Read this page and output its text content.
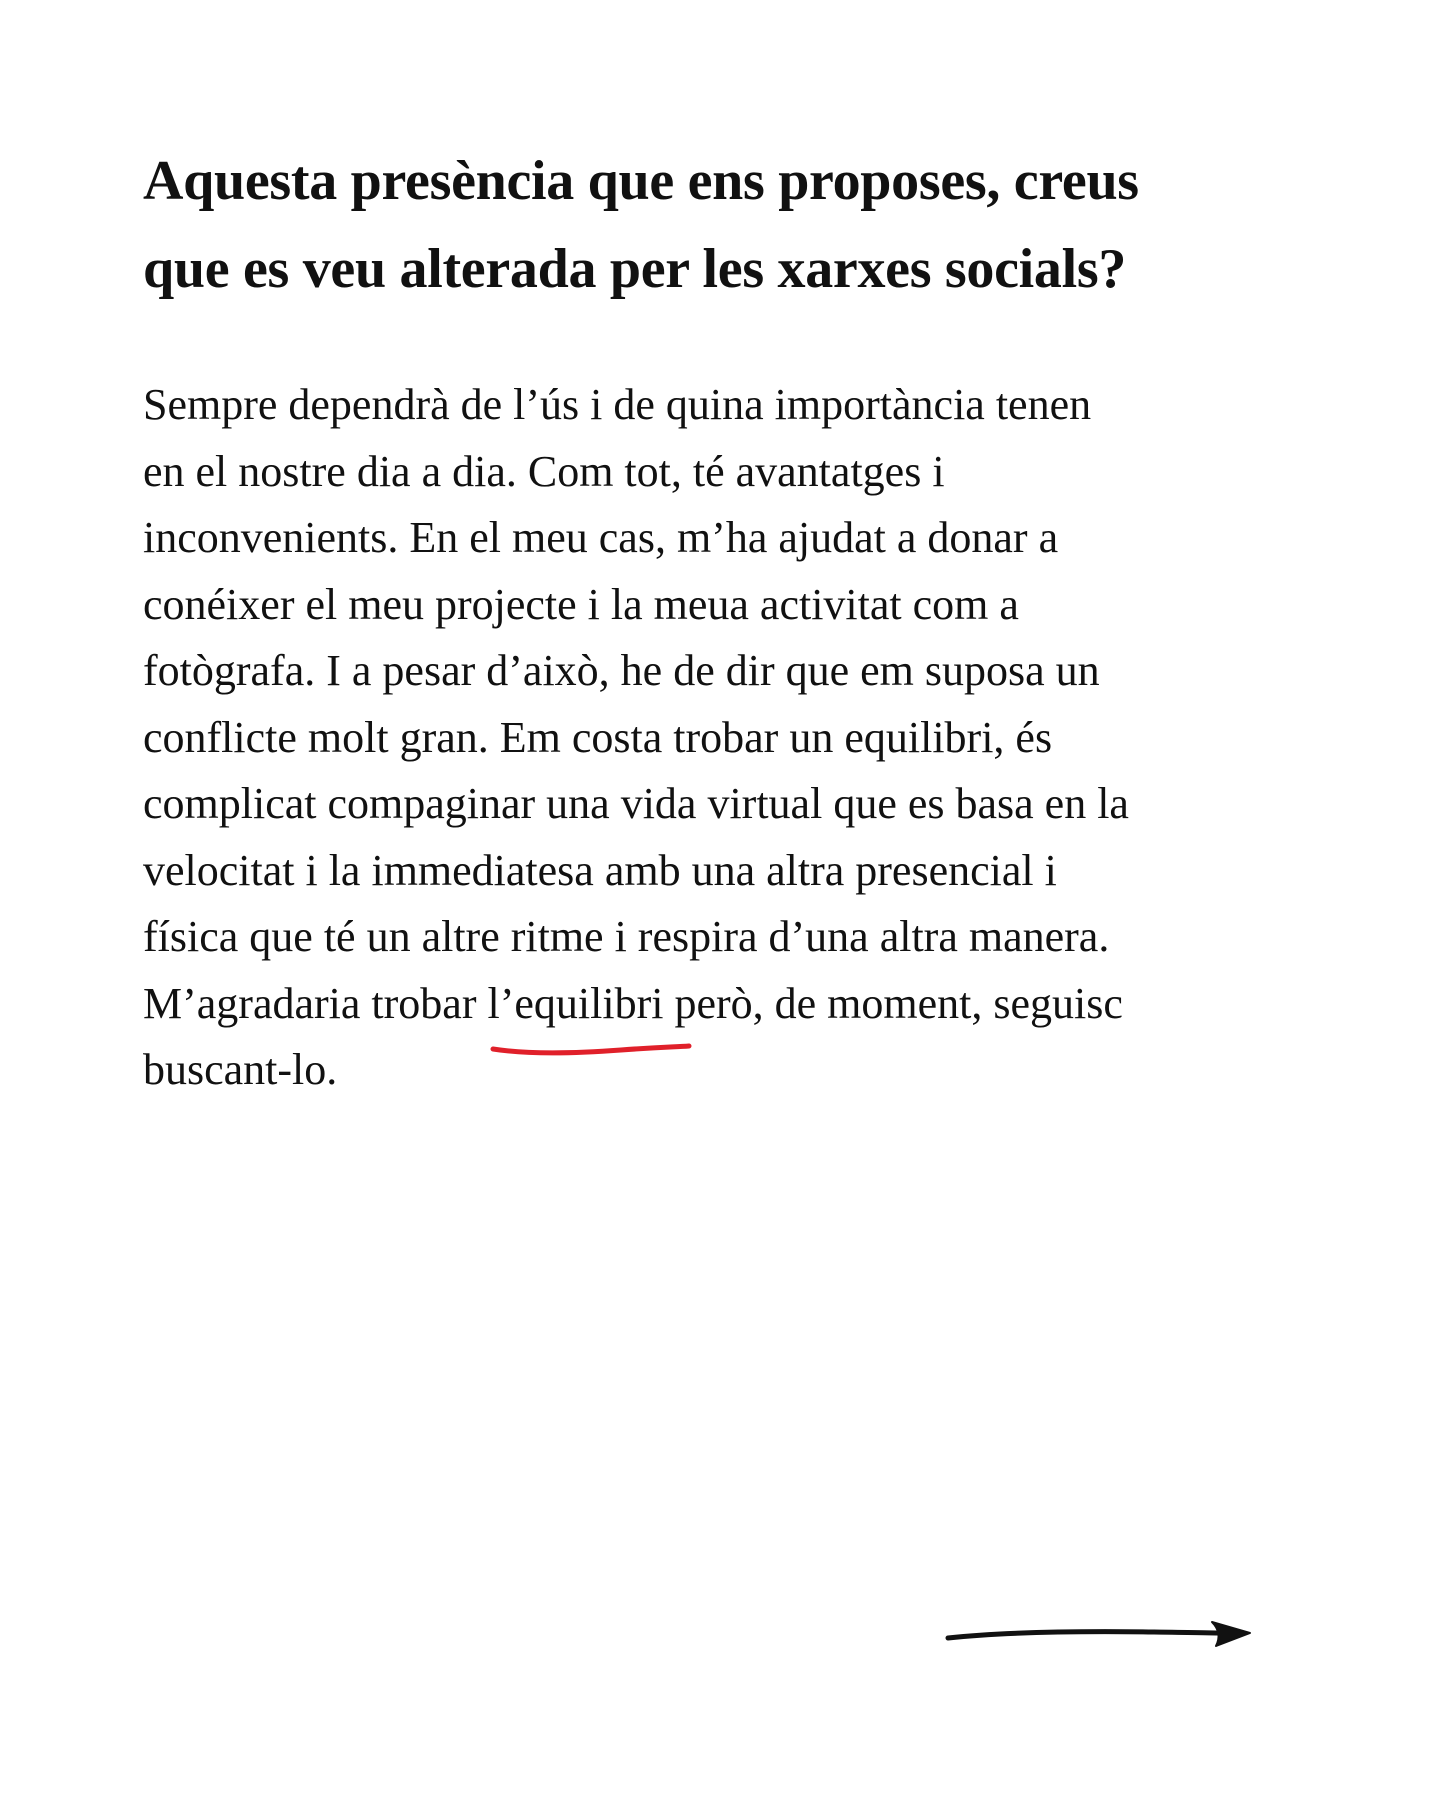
Aquesta presència que ens proposes, creus
que es veu alterada per les xarxes socials?

Sempre dependrà de l’ús i de quina importància tenen
en el nostre dia a dia. Com tot, té avantatges i
inconvenients. En el meu cas, m’ha ajudat a donar a
conéixer el meu projecte i la meua activitat com a
fotògrafa. I a pesar d’això, he de dir que em suposa un
conflicte molt gran. Em costa trobar un equilibri, és
complicat compaginar una vida virtual que es basa en la
velocitat i la immediatesa amb una altra presencial i
física que té un altre ritme i respira d’una altra manera.
M’agradaria trobar l’equilibri
però, de moment, seguisc
buscant-lo.
